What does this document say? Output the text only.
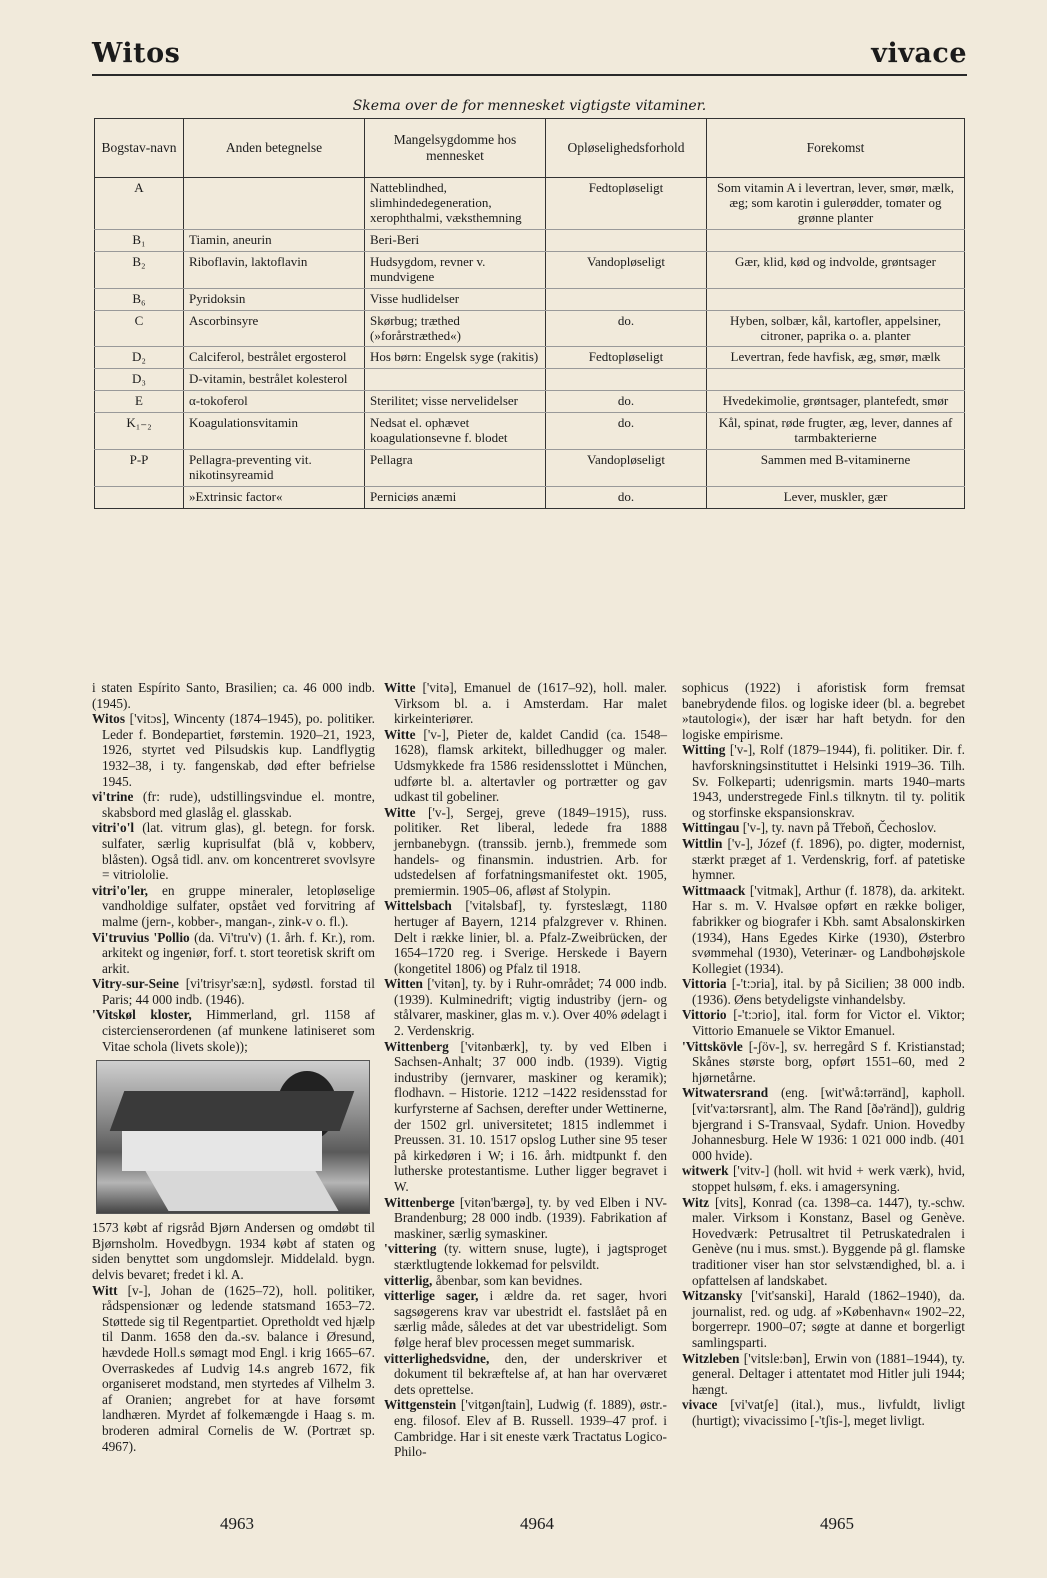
Witos	vivace
Skema over de for mennesket vigtigste vitaminer.
Bogstav-navn	Anden betegnelse	Mangelsygdomme hos mennesket	Opløselighedsforhold	Forekomst
A		Natteblindhed, slimhindedegeneration, xerophthalmi, væksthemning	Fedtopløseligt	Som vitamin A i levertran, lever, smør, mælk, æg; som karotin i gulerødder, tomater og grønne planter
B₁	Tiamin, aneurin	Beri-Beri		
B₂	Riboflavin, laktoflavin	Hudsygdom, revner v. mundvigene	Vandopløseligt	Gær, klid, kød og indvolde, grøntsager
B₆	Pyridoksin	Visse hudlidelser		
C	Ascorbinsyre	Skørbug; træthed (»forårstræthed«)	do.	Hyben, solbær, kål, kartofler, appelsiner, citroner, paprika o. a. planter
D₂	Calciferol, bestrålet ergosterol	Hos børn: Engelsk syge (rakitis)	Fedtopløseligt	Levertran, fede havfisk, æg, smør, mælk
D₃	D-vitamin, bestrålet kolesterol			
E	α-tokoferol	Sterilitet; visse nervelidelser	do.	Hvedekimolie, grøntsager, plantefedt, smør
K₁₋₂	Koagulationsvitamin	Nedsat el. ophævet koagulationsevne f. blodet	do.	Kål, spinat, røde frugter, æg, lever, dannes af tarmbakterierne
P-P	Pellagra-preventing vit. nikotinsyreamid	Pellagra	Vandopløseligt	Sammen med B-vitaminerne
	»Extrinsic factor«	Perniciøs anæmi	do.	Lever, muskler, gær

i staten Espírito Santo, Brasilien; ca. 46 000 indb. (1945).

Witos ['vitɔs], Wincenty (1874–1945), po. politiker. Leder f. Bondepartiet, førstemin. 1920–21, 1923, 1926, styrtet ved Pilsudskis kup. Landflygtig 1932–38, i ty. fangenskab, død efter befrielse 1945.

vi'trine (fr: rude), udstillingsvindue el. montre, skabsbord med glaslåg el. glasskab.

vitri'o'l (lat. vitrum glas), gl. betegn. for forsk. sulfater, særlig kuprisulfat (blå v, kobberv, blåsten). Også tidl. anv. om koncentreret svovlsyre = vitriololie.

vitri'o'ler, en gruppe mineraler, letopløselige vandholdige sulfater, opstået ved forvitring af malme (jern-, kobber-, mangan-, zink-v o. fl.).

Vi'truvius 'Pollio (da. Vi'tru'v) (1. årh. f. Kr.), rom. arkitekt og ingeniør, forf. t. stort teoretisk skrift om arkit.

Vitry-sur-Seine [vi'trisyr'sæ:n], sydøstl. forstad til Paris; 44 000 indb. (1946).

'Vitskøl kloster, Himmerland, grl. 1158 af cistercienserordenen (af munkene latiniseret som Vitae schola (livets skole));

1573 købt af rigsråd Bjørn Andersen og omdøbt til Bjørnsholm. Hovedbygn. 1934 købt af staten og siden benyttet som ungdomslejr. Middelald. bygn. delvis bevaret; fredet i kl. A.

Witt [v-], Johan de (1625–72), holl. politiker, rådspensionær og ledende statsmand 1653–72. Støttede sig til Regentpartiet. Opretholdt ved hjælp til Danm. 1658 den da.-sv. balance i Øresund, hævdede Holl.s sømagt mod Engl. i krig 1665–67. Overraskedes af Ludvig 14.s angreb 1672, fik organiseret modstand, men styrtedes af Vilhelm 3. af Oranien; angrebet for at have forsømt landhæren. Myrdet af folkemængde i Haag s. m. broderen admiral Cornelis de W. (Portræt sp. 4967).

Witte ['vitə], Emanuel de (1617–92), holl. maler. Virksom bl. a. i Amsterdam. Har malet kirkeinteriører.

Witte ['v-], Pieter de, kaldet Candid (ca. 1548–1628), flamsk arkitekt, billedhugger og maler. Udsmykkede fra 1586 residensslottet i München, udførte bl. a. altertavler og portrætter og gav udkast til gobeliner.

Witte ['v-], Sergej, greve (1849–1915), russ. politiker. Ret liberal, ledede fra 1888 jernbanebygn. (transsib. jernb.), fremmede som handels- og finansmin. industrien. Arb. for udstedelsen af forfatningsmanifestet okt. 1905, premiermin. 1905–06, afløst af Stolypin.

Wittelsbach ['vitəlsbaf], ty. fyrsteslægt, 1180 hertuger af Bayern, 1214 pfalzgrever v. Rhinen. Delt i række linier, bl. a. Pfalz-Zweibrücken, der 1654–1720 reg. i Sverige. Herskede i Bayern (kongetitel 1806) og Pfalz til 1918.

Witten ['vitən], ty. by i Ruhr-området; 74 000 indb. (1939). Kulminedrift; vigtig industriby (jern- og stålvarer, maskiner, glas m. v.). Over 40% ødelagt i 2. Verdenskrig.

Wittenberg ['vitənbærk], ty. by ved Elben i Sachsen-Anhalt; 37 000 indb. (1939). Vigtig industriby (jernvarer, maskiner og keramik); flodhavn. – Historie. 1212 –1422 residensstad for kurfyrsterne af Sachsen, derefter under Wettinerne, der 1502 grl. universitetet; 1815 indlemmet i Preussen. 31. 10. 1517 opslog Luther sine 95 teser på kirkedøren i W; i 16. årh. midtpunkt f. den lutherske protestantisme. Luther ligger begravet i W.

Wittenberge [vitən'bærgə], ty. by ved Elben i NV-Brandenburg; 28 000 indb. (1939). Fabrikation af maskiner, særlig symaskiner.

'vittering (ty. wittern snuse, lugte), i jagtsproget stærktlugtende lokkemad for pelsvildt.

vitterlig, åbenbar, som kan bevidnes.

vitterlige sager, i ældre da. ret sager, hvori sagsøgerens krav var ubestridt el. fastslået på en særlig måde, således at det var ubestrideligt. Som følge heraf blev processen meget summarisk.

vitterlighedsvidne, den, der underskriver et dokument til bekræftelse af, at han har overværet dets oprettelse.

Wittgenstein ['vitgənʃtain], Ludwig (f. 1889), østr.-eng. filosof. Elev af B. Russell. 1939–47 prof. i Cambridge. Har i sit eneste værk Tractatus Logico-Philo-

sophicus (1922) i aforistisk form fremsat banebrydende filos. og logiske ideer (bl. a. begrebet »tautologi«), der især har haft betydn. for den logiske empirisme.

Witting ['v-], Rolf (1879–1944), fi. politiker. Dir. f. havforskningsinstituttet i Helsinki 1919–36. Tilh. Sv. Folkeparti; udenrigsmin. marts 1940–marts 1943, understregede Finl.s tilknytn. til ty. politik og storfinske ekspansionskrav.

Wittingau ['v-], ty. navn på Třeboň, Čechoslov.

Wittlin ['v-], Józef (f. 1896), po. digter, modernist, stærkt præget af 1. Verdenskrig, forf. af patetiske hymner.

Wittmaack ['vitmak], Arthur (f. 1878), da. arkitekt. Har s. m. V. Hvalsøe opført en række boliger, fabrikker og biografer i Kbh. samt Absalonskirken (1934), Hans Egedes Kirke (1930), Østerbro svømmehal (1930), Veterinær- og Landbohøjskole Kollegiet (1934).

Vittoria [-'t:ɔria], ital. by på Sicilien; 38 000 indb. (1936). Øens betydeligste vinhandelsby.

Vittorio [-'t:ɔrio], ital. form for Victor el. Viktor; Vittorio Emanuele se Viktor Emanuel.

'Vittskövle [-ʃöv-], sv. herregård S f. Kristianstad; Skånes største borg, opført 1551–60, med 2 hjørnetårne.

Witwatersrand (eng. [wit'wå:tərränd], kapholl. [vit'va:tərsrant], alm. The Rand [ðə'ränd]), guldrig bjergrand i S-Transvaal, Sydafr. Union. Hovedby Johannesburg. Hele W 1936: 1 021 000 indb. (401 000 hvide).

witwerk ['vitv-] (holl. wit hvid + werk værk), hvid, stoppet hulsøm, f. eks. i amagersyning.

Witz [vits], Konrad (ca. 1398–ca. 1447), ty.-schw. maler. Virksom i Konstanz, Basel og Genève. Hovedværk: Petrusaltret til Petruskatedralen i Genève (nu i mus. smst.). Byggende på gl. flamske traditioner viser han stor selvstændighed, bl. a. i opfattelsen af landskabet.

Witzansky ['vit'sanski], Harald (1862–1940), da. journalist, red. og udg. af »København« 1902–22, borgerrepr. 1900–07; søgte at danne et borgerligt samlingsparti.

Witzleben ['vitsle:bən], Erwin von (1881–1944), ty. general. Deltager i attentatet mod Hitler juli 1944; hængt.

vivace [vi'vatʃe] (ital.), mus., livfuldt, livligt (hurtigt); vivacissimo [-'tʃis-], meget livligt.

4963	4964	4965
